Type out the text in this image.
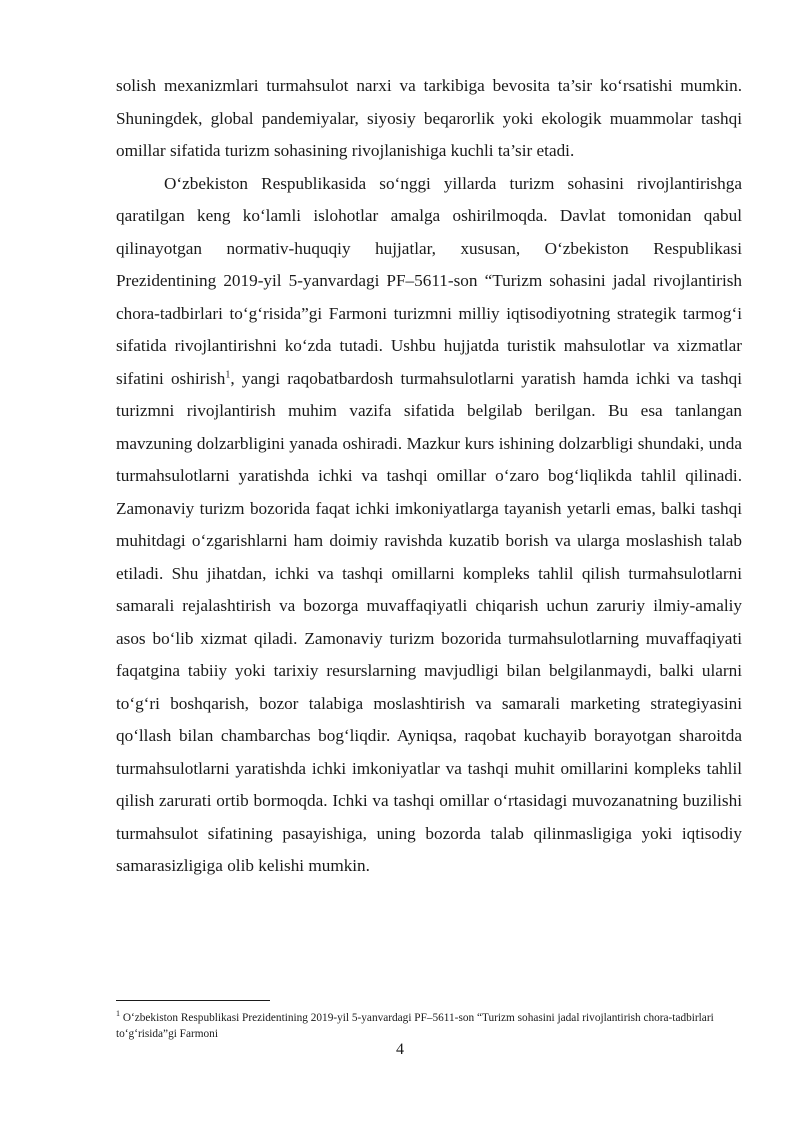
solish mexanizmlari turmahsulot narxi va tarkibiga bevosita ta’sir ko‘rsatishi mumkin. Shuningdek, global pandemiyalar, siyosiy beqarorlik yoki ekologik muammolar tashqi omillar sifatida turizm sohasining rivojlanishiga kuchli ta’sir etadi.

O‘zbekiston Respublikasida so‘nggi yillarda turizm sohasini rivojlantirishga qaratilgan keng ko‘lamli islohotlar amalga oshirilmoqda. Davlat tomonidan qabul qilinayotgan normativ-huquqiy hujjatlar, xususan, O‘zbekiston Respublikasi Prezidentining 2019-yil 5-yanvardagi PF–5611-son “Turizm sohasini jadal rivojlantirish chora-tadbirlari to‘g‘risida”gi Farmoni turizmni milliy iqtisodiyotning strategik tarmog‘i sifatida rivojlantirishni ko‘zda tutadi. Ushbu hujjatda turistik mahsulotlar va xizmatlar sifatini oshirish$^1$, yangi raqobatbardosh turmahsulotlarni yaratish hamda ichki va tashqi turizmni rivojlantirish muhim vazifa sifatida belgilab berilgan. Bu esa tanlangan mavzuning dolzarbligini yanada oshiradi. Mazkur kurs ishining dolzarbligi shundaki, unda turmahsulotlarni yaratishda ichki va tashqi omillar o‘zaro bog‘liqlikda tahlil qilinadi. Zamonaviy turizm bozorida faqat ichki imkoniyatlarga tayanish yetarli emas, balki tashqi muhitdagi o‘zgarishlarni ham doimiy ravishda kuzatib borish va ularga moslashish talab etiladi. Shu jihatdan, ichki va tashqi omillarni kompleks tahlil qilish turmahsulotlarni samarali rejalashtirish va bozorga muvaffaqiyatli chiqarish uchun zaruriy ilmiy-amaliy asos bo‘lib xizmat qiladi. Zamonaviy turizm bozorida turmahsulotlarning muvaffaqiyati faqatgina tabiiy yoki tarixiy resurslarning mavjudligi bilan belgilanmaydi, balki ularni to‘g‘ri boshqarish, bozor talabiga moslashtirish va samarali marketing strategiyasini qo‘llash bilan chambarchas bog‘liqdir. Ayniqsa, raqobat kuchayib borayotgan sharoitda turmahsulotlarni yaratishda ichki imkoniyatlar va tashqi muhit omillarini kompleks tahlil qilish zarurati ortib bormoqda. Ichki va tashqi omillar o‘rtasidagi muvozanatning buzilishi turmahsulot sifatining pasayishiga, uning bozorda talab qilinmasligiga yoki iqtisodiy samarasizligiga olib kelishi mumkin.

$^1$ O‘zbekiston Respublikasi Prezidentining 2019-yil 5-yanvardagi PF–5611-son “Turizm sohasini jadal rivojlantirish chora-tadbirlari to‘g‘risida”gi Farmoni
4
